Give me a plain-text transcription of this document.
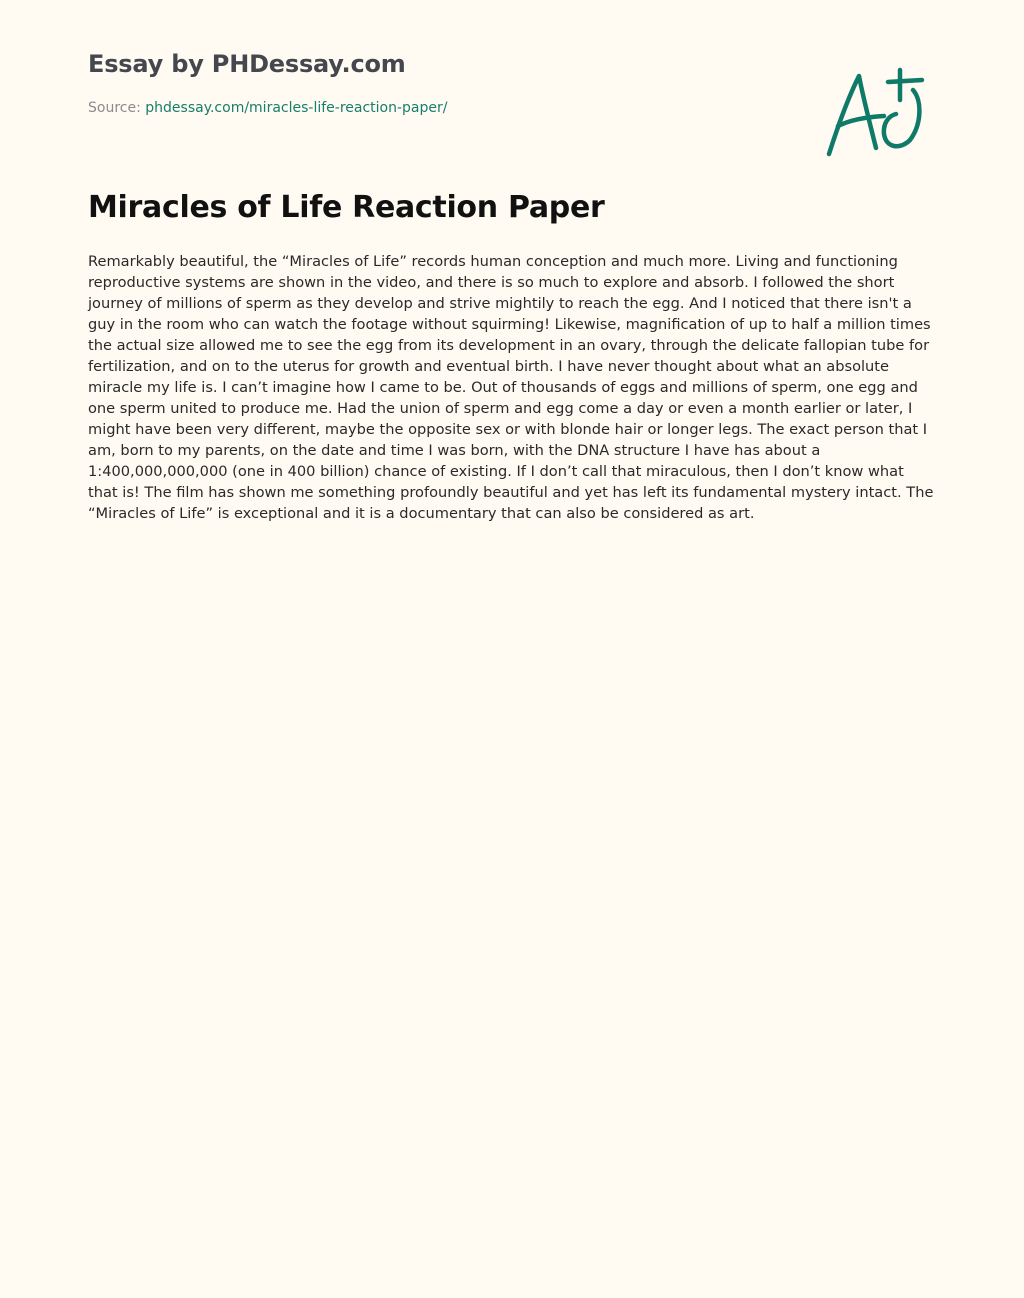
Essay by PHDessay.com
Source: phdessay.com/miracles-life-reaction-paper/
Miracles of Life Reaction Paper

Remarkably beautiful, the “Miracles of Life” records human conception and much more. Living and functioning reproductive systems are shown in the video, and there is so much to explore and absorb. I followed the short journey of millions of sperm as they develop and strive mightily to reach the egg. And I noticed that there isn't a guy in the room who can watch the footage without squirming! Likewise, magnification of up to half a million times the actual size allowed me to see the egg from its development in an ovary, through the delicate fallopian tube for fertilization, and on to the uterus for growth and eventual birth. I have never thought about what an absolute miracle my life is. I can’t imagine how I came to be. Out of thousands of eggs and millions of sperm, one egg and one sperm united to produce me. Had the union of sperm and egg come a day or even a month earlier or later, I might have been very different, maybe the opposite sex or with blonde hair or longer legs. The exact person that I am, born to my parents, on the date and time I was born, with the DNA structure I have has about a 1:400,000,000,000 (one in 400 billion) chance of existing. If I don’t call that miraculous, then I don’t know what that is! The film has shown me something profoundly beautiful and yet has left its fundamental mystery intact. The “Miracles of Life” is exceptional and it is a documentary that can also be considered as art.
